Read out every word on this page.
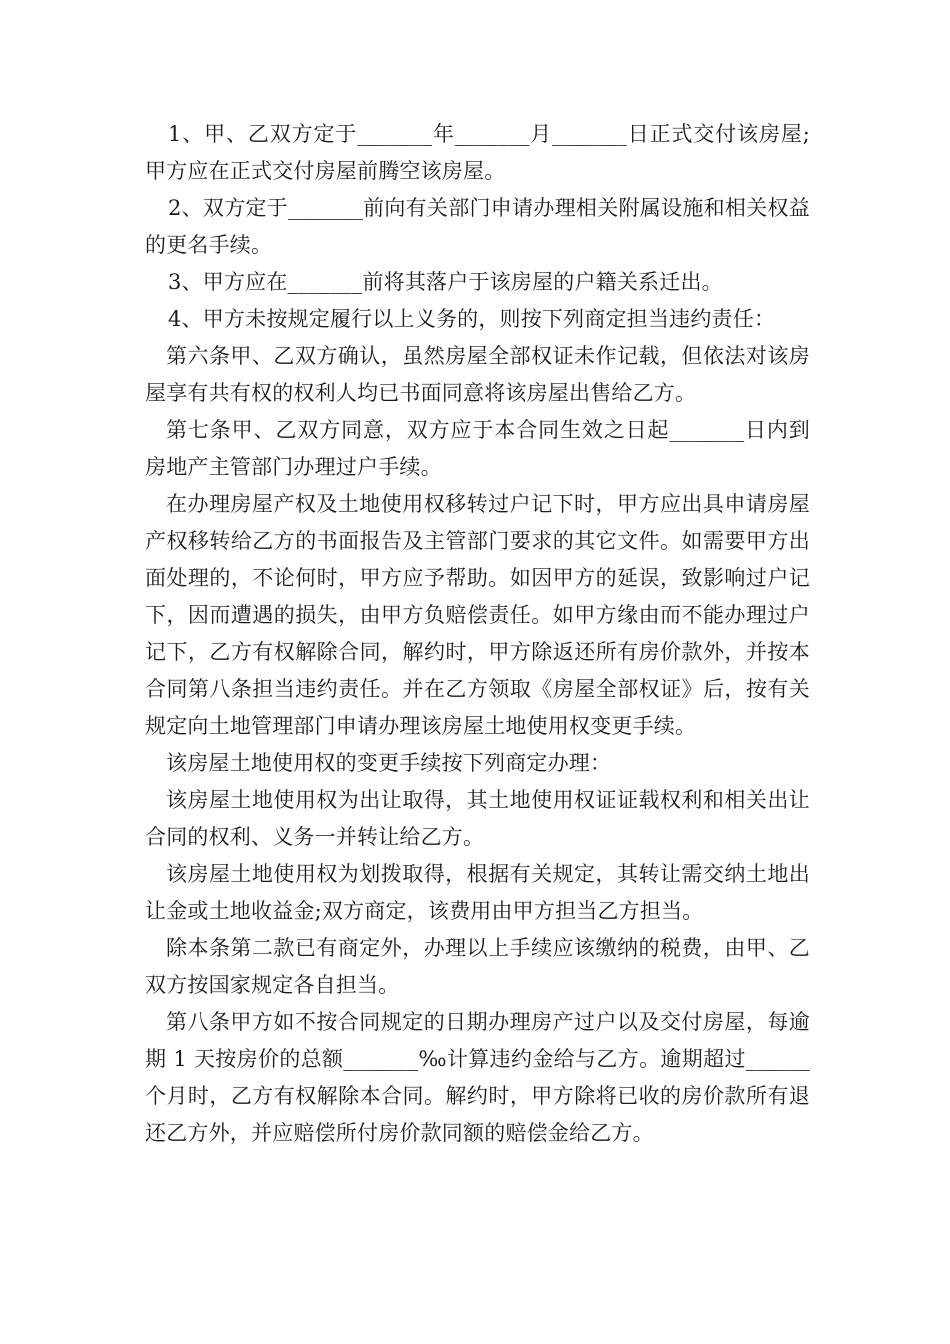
1、甲、乙双方定于_______年_______月_______日正式交付该房屋;甲方应在正式交付房屋前腾空该房屋。

2、双方定于_______前向有关部门申请办理相关附属设施和相关权益的更名手续。

3、甲方应在_______前将其落户于该房屋的户籍关系迁出。

4、甲方未按规定履行以上义务的，则按下列商定担当违约责任：

第六条甲、乙双方确认，虽然房屋全部权证未作记载，但依法对该房屋享有共有权的权利人均已书面同意将该房屋出售给乙方。

第七条甲、乙双方同意，双方应于本合同生效之日起_______日内到房地产主管部门办理过户手续。

在办理房屋产权及土地使用权移转过户记下时，甲方应出具申请房屋产权移转给乙方的书面报告及主管部门要求的其它文件。如需要甲方出面处理的，不论何时，甲方应予帮助。如因甲方的延误，致影响过户记下，因而遭遇的损失，由甲方负赔偿责任。如甲方缘由而不能办理过户记下，乙方有权解除合同，解约时，甲方除返还所有房价款外，并按本合同第八条担当违约责任。并在乙方领取《房屋全部权证》后，按有关规定向土地管理部门申请办理该房屋土地使用权变更手续。

该房屋土地使用权的变更手续按下列商定办理：

该房屋土地使用权为出让取得，其土地使用权证证载权利和相关出让合同的权利、义务一并转让给乙方。

该房屋土地使用权为划拨取得，根据有关规定，其转让需交纳土地出让金或土地收益金;双方商定，该费用由甲方担当乙方担当。

除本条第二款已有商定外，办理以上手续应该缴纳的税费，由甲、乙双方按国家规定各自担当。

第八条甲方如不按合同规定的日期办理房产过户以及交付房屋，每逾期 1 天按房价的总额_______‰计算违约金给与乙方。逾期超过______个月时，乙方有权解除本合同。解约时，甲方除将已收的房价款所有退还乙方外，并应赔偿所付房价款同额的赔偿金给乙方。
